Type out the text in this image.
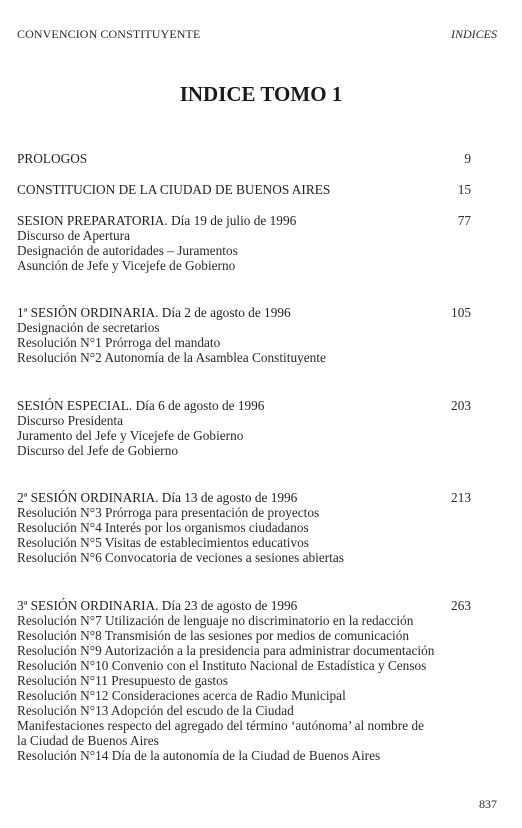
CONVENCION CONSTITUYENTE	INDICES
INDICE TOMO 1
PROLOGOS	9
CONSTITUCION DE LA CIUDAD DE BUENOS AIRES	15
SESION PREPARATORIA. Día 19 de julio de 1996	77
Discurso de Apertura
Designación de autoridades – Juramentos
Asunción de Jefe y Vicejefe de Gobierno
1ª SESIÓN ORDINARIA. Día 2 de agosto de 1996	105
Designación de secretarios
Resolución N°1 Prórroga del mandato
Resolución N°2 Autonomía de la Asamblea Constituyente
SESIÓN ESPECIAL. Día 6 de agosto de 1996	203
Discurso Presidenta
Juramento del Jefe y Vicejefe de Gobierno
Discurso del Jefe de Gobierno
2ª SESIÓN ORDINARIA. Día 13 de agosto de 1996	213
Resolución N°3 Prórroga para presentación de proyectos
Resolución N°4 Interés por los organismos ciudadanos
Resolución N°5 Visitas de establecimientos educativos
Resolución N°6 Convocatoria de veciones a sesiones abiertas
3ª SESIÓN ORDINARIA. Día 23 de agosto de 1996	263
Resolución N°7 Utilización de lenguaje no discriminatorio en la redacción
Resolución N°8 Transmisión de las sesiones por medios de comunicación
Resolución N°9 Autorización a la presidencia para administrar documentación
Resolución N°10 Convenio con el Instituto Nacional de Estadística y Censos
Resolución N°11 Presupuesto de gastos
Resolución N°12 Consideraciones acerca de Radio Municipal
Resolución N°13 Adopción del escudo de la Ciudad
Manifestaciones respecto del agregado del término ‘autónoma’ al nombre de
la Ciudad de Buenos Aires
Resolución N°14 Día de la autonomía de la Ciudad de Buenos Aires
837
